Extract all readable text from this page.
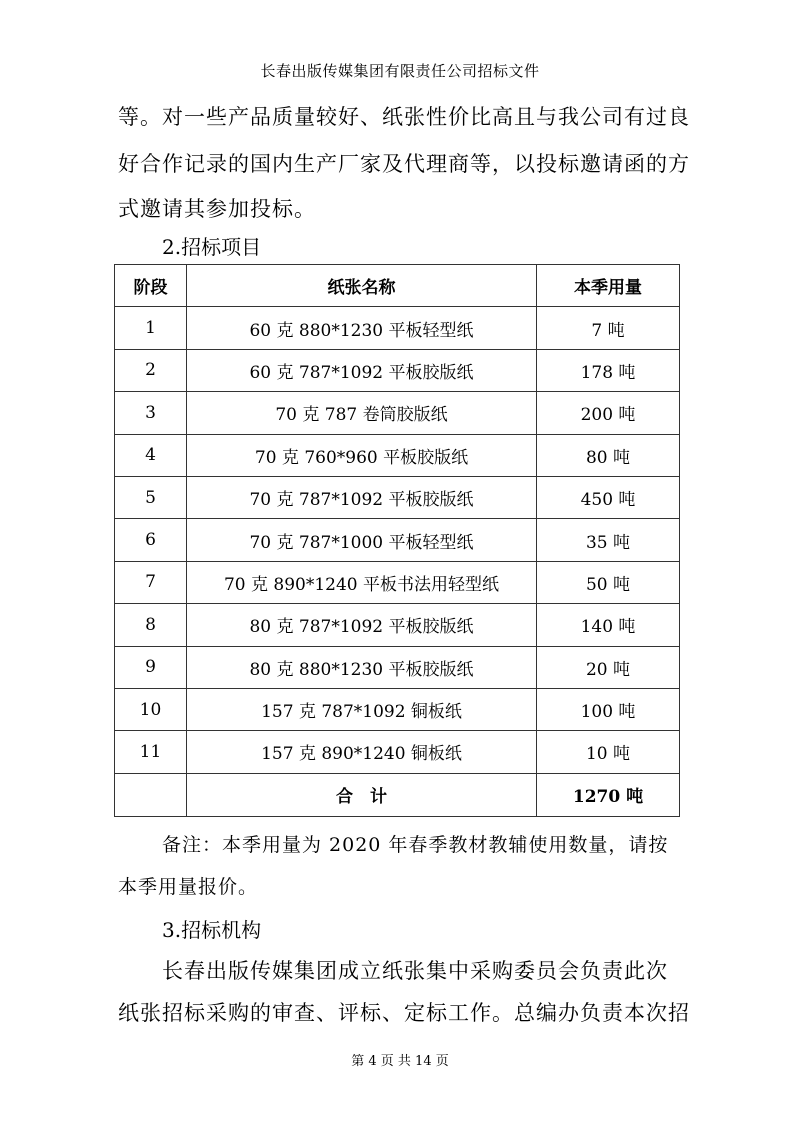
长春出版传媒集团有限责任公司招标文件
等。对一些产品质量较好、纸张性价比高且与我公司有过良
好合作记录的国内生产厂家及代理商等，以投标邀请函的方
式邀请其参加投标。
2.招标项目
阶段	纸张名称	本季用量
1	60 克 880*1230 平板轻型纸	7 吨
2	60 克 787*1092 平板胶版纸	178 吨
3	70 克 787 卷筒胶版纸	200 吨
4	70 克 760*960 平板胶版纸	80 吨
5	70 克 787*1092 平板胶版纸	450 吨
6	70 克 787*1000 平板轻型纸	35 吨
7	70 克 890*1240 平板书法用轻型纸	50 吨
8	80 克 787*1092 平板胶版纸	140 吨
9	80 克 880*1230 平板胶版纸	20 吨
10	157 克 787*1092 铜板纸	100 吨
11	157 克 890*1240 铜板纸	10 吨
	合　计	1270 吨
备注：本季用量为 2020 年春季教材教辅使用数量，请按
本季用量报价。
3.招标机构
长春出版传媒集团成立纸张集中采购委员会负责此次
纸张招标采购的审查、评标、定标工作。总编办负责本次招
第 4 页 共 14 页
